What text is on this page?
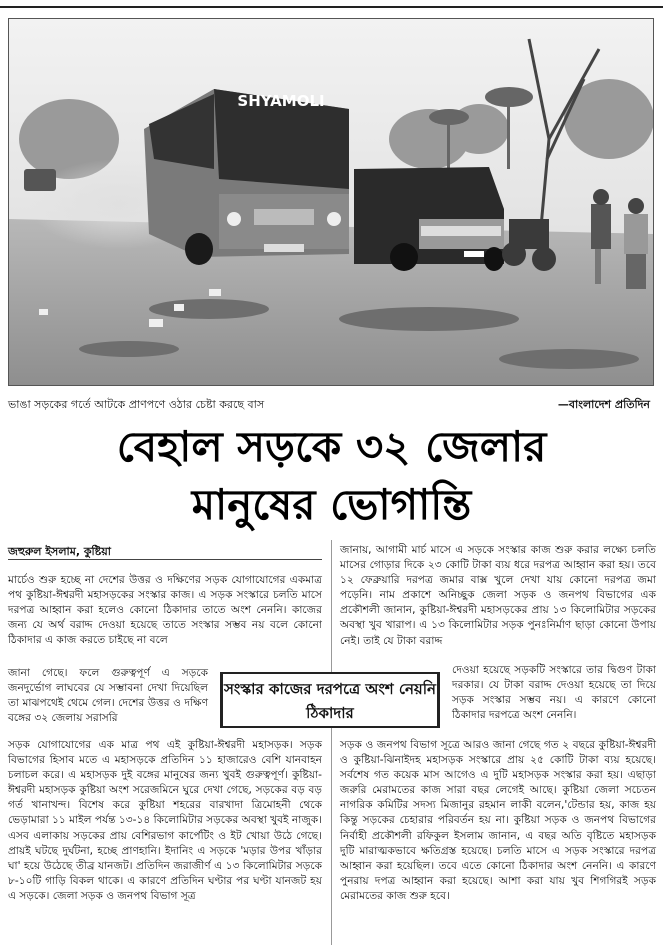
SHYAMOLI
ভাঙা সড়কের গর্তে আটকে প্রাণপণে ওঠার চেষ্টা করছে বাস	—বাংলাদেশ প্রতিদিন
বেহাল সড়কে ৩২ জেলার
মানুষের ভোগান্তি
জহুরুল ইসলাম, কুষ্টিয়া

মার্চেও শুরু হচ্ছে না দেশের উত্তর ও দক্ষিণের সড়ক যোগাযোগের একমাত্র পথ কুষ্টিয়া-ঈশ্বরদী মহাসড়কের সংস্কার কাজ। এ সড়ক সংস্কারে চলতি মাসে দরপত্র আহ্বান করা হলেও কোনো ঠিকাদার তাতে অংশ নেননি। কাজের জন্য যে অর্থ বরাদ্দ দেওয়া হয়েছে তাতে সংস্কার সম্ভব নয় বলে কোনো ঠিকাদার এ কাজ করতে চাইছে না বলে

জানা গেছে। ফলে গুরুত্বপূর্ণ এ সড়কে জনদুর্ভোগ লাঘবের যে সম্ভাবনা দেখা দিয়েছিল তা মাঝপথেই থেমে গেল। দেশের উত্তর ও দক্ষিণ বঙ্গের ৩২ জেলায় সরাসরি

সড়ক যোগাযোগের এক মাত্র পথ এই কুষ্টিয়া-ঈশ্বরদী মহাসড়ক। সড়ক বিভাগের হিসাব মতে এ মহাসড়কে প্রতিদিন ১১ হাজারেও বেশি যানবাহন চলাচল করে। এ মহাসড়ক দুই বঙ্গের মানুষের জন্য খুবই গুরুত্বপূর্ণ। কুষ্টিয়া-ঈশ্বরদী মহাসড়ক কুষ্টিয়া অংশ সরেজমিনে ঘুরে দেখা গেছে, সড়কের বড় বড় গর্ত খানাখন্দ। বিশেষ করে কুষ্টিয়া শহরের বারখাদা ত্রিমোহনী থেকে ভেড়ামারা ১১ মাইল পর্যন্ত ১৩-১৪ কিলোমিটার সড়কের অবস্থা খুবই নাজুক। এসব এলাকায় সড়কের প্রায় বেশিরভাগ কার্পেটিং ও ইট খোয়া উঠে গেছে। প্রায়ই ঘটছে দুর্ঘটনা, হচ্ছে প্রাণহানি। ইদানিং এ সড়কে 'মড়ার উপর খাঁড়ার ঘা' হয়ে উঠেছে তীব্র যানজট। প্রতিদিন জরাজীর্ণ এ ১৩ কিলোমিটার সড়কে ৮-১০টি গাড়ি বিকল থাকে। এ কারণে প্রতিদিন ঘণ্টার পর ঘণ্টা যানজট হয় এ সড়কে। জেলা সড়ক ও জনপথ বিভাগ সূত্র

জানায়, আগামী মার্চ মাসে এ সড়কে সংস্কার কাজ শুরু করার লক্ষ্যে চলতি মাসের গোড়ার দিকে ২৩ কোটি টাকা ব্যয় ধরে দরপত্র আহ্বান করা হয়। তবে ১২ ফেব্রুয়ারি দরপত্র জমার বাক্স খুলে দেখা যায় কোনো দরপত্র জমা পড়েনি। নাম প্রকাশে অনিচ্ছুক জেলা সড়ক ও জনপথ বিভাগের এক প্রকৌশলী জানান, কুষ্টিয়া-ঈশ্বরদী মহাসড়কের প্রায় ১৩ কিলোমিটার সড়কের অবস্থা খুব খারাপ। এ ১৩ কিলোমিটার সড়ক পুনঃনির্মাণ ছাড়া কোনো উপায় নেই। তাই যে টাকা বরাদ্দ

দেওয়া হয়েছে সড়কটি সংস্কারে তার দ্বিগুণ টাকা দরকার। যে টাকা বরাদ্দ দেওয়া হয়েছে তা দিয়ে সড়ক সংস্কার সম্ভব নয়। এ কারণে কোনো ঠিকাদার দরপত্রে অংশ নেননি।

সড়ক ও জনপথ বিভাগ সূত্রে আরও জানা গেছে গত ২ বছরে কুষ্টিয়া-ঈশ্বরদী ও কুষ্টিয়া-ঝিনাইদহ মহাসড়ক সংস্কারে প্রায় ২৫ কোটি টাকা ব্যয় হয়েছে। সর্বশেষ গত কয়েক মাস আগেও এ দুটি মহাসড়ক সংস্কার করা হয়। এছাড়া জরুরি মেরামতের কাজ সারা বছর লেগেই আছে। কুষ্টিয়া জেলা সচেতন নাগরিক কমিটির সদস্য মিজানুর রহমান লাকী বলেন,'টেন্ডার হয়, কাজ হয় কিন্তু সড়কের চেহারার পরিবর্তন হয় না। কুষ্টিয়া সড়ক ও জনপথ বিভাগের নির্বাহী প্রকৌশলী রফিকুল ইসলাম জানান, এ বছর অতি বৃষ্টিতে মহাসড়ক দুটি মারাত্মকভাবে ক্ষতিগ্রস্ত হয়েছে। চলতি মাসে এ সড়ক সংস্কারে দরপত্র আহ্বান করা হয়েছিল। তবে এতে কোনো ঠিকাদার অংশ নেননি। এ কারণে পুনরায় দপত্র আহ্বান করা হয়েছে। আশা করা যায় খুব শিগগিরই সড়ক মেরামতের কাজ শুরু হবে।

সংস্কার কাজের দরপত্রে অংশ নেয়নি ঠিকাদার
